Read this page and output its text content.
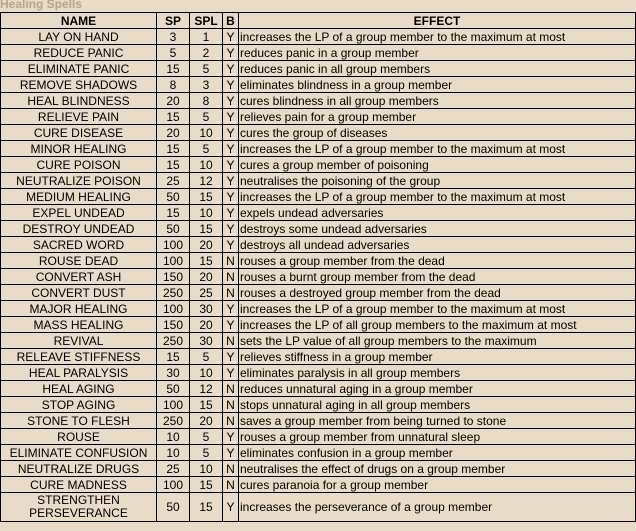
Healing Spells
NAME	SP	SPL	B	EFFECT
LAY ON HAND	3	1	Y	increases the LP of a group member to the maximum at most
REDUCE PANIC	5	2	Y	reduces panic in a group member
ELIMINATE PANIC	15	5	Y	reduces panic in all group members
REMOVE SHADOWS	8	3	Y	eliminates blindness in a group member
HEAL BLINDNESS	20	8	Y	cures blindness in all group members
RELIEVE PAIN	15	5	Y	relieves pain for a group member
CURE DISEASE	20	10	Y	cures the group of diseases
MINOR HEALING	15	5	Y	increases the LP of a group member to the maximum at most
CURE POISON	15	10	Y	cures a group member of poisoning
NEUTRALIZE POISON	25	12	Y	neutralises the poisoning of the group
MEDIUM HEALING	50	15	Y	increases the LP of a group member to the maximum at most
EXPEL UNDEAD	15	10	Y	expels undead adversaries
DESTROY UNDEAD	50	15	Y	destroys some undead adversaries
SACRED WORD	100	20	Y	destroys all undead adversaries
ROUSE DEAD	100	15	N	rouses a group member from the dead
CONVERT ASH	150	20	N	rouses a burnt group member from the dead
CONVERT DUST	250	25	N	rouses a destroyed group member from the dead
MAJOR HEALING	100	30	Y	increases the LP of a group member to the maximum at most
MASS HEALING	150	20	Y	increases the LP of all group members to the maximum at most
REVIVAL	250	30	N	sets the LP value of all group members to the maximum
RELEAVE STIFFNESS	15	5	Y	relieves stiffness in a group member
HEAL PARALYSIS	30	10	Y	eliminates paralysis in all group members
HEAL AGING	50	12	N	reduces unnatural aging in a group member
STOP AGING	100	15	N	stops unnatural aging in all group members
STONE TO FLESH	250	20	N	saves a group member from being turned to stone
ROUSE	10	5	Y	rouses a group member from unnatural sleep
ELIMINATE CONFUSION	10	5	Y	eliminates confusion in a group member
NEUTRALIZE DRUGS	25	10	N	neutralises the effect of drugs on a group member
CURE MADNESS	100	15	N	cures paranoia for a group member
STRENGTHEN PERSEVERANCE	50	15	Y	increases the perseverance of a group member
